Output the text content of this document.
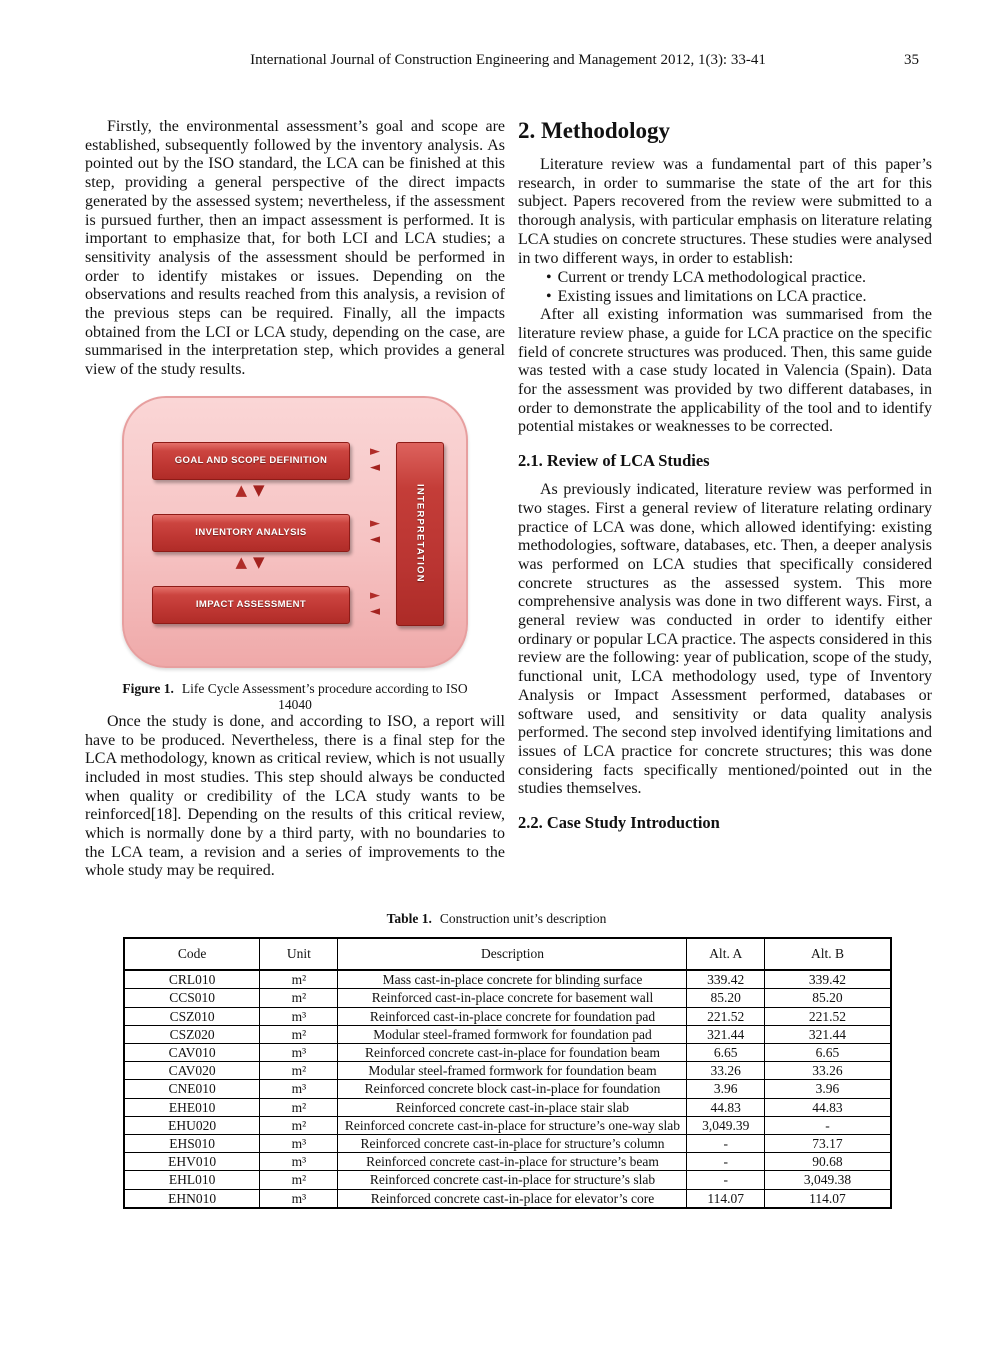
International Journal of Construction Engineering and Management 2012, 1(3): 33-41	35

Firstly, the environmental assessment’s goal and scope are established, subsequently followed by the inventory analysis. As pointed out by the ISO standard, the LCA can be finished at this step, providing a general perspective of the direct impacts generated by the assessed system; nevertheless, if the assessment is pursued further, then an impact assessment is performed. It is important to emphasize that, for both LCI and LCA studies; a sensitivity analysis of the assessment should be performed in order to identify mistakes or issues. Depending on the observations and results reached from this analysis, a revision of the previous steps can be required. Finally, all the impacts obtained from the LCI or LCA study, depending on the case, are summarised in the interpretation step, which provides a general view of the study results.

GOAL AND SCOPE DEFINITION
▲ ▼
INVENTORY ANALYSIS
▲ ▼
IMPACT ASSESSMENT
►
◄
►
◄
►
◄
INTERPRETATION
Figure 1. Life Cycle Assessment’s procedure according to ISO 14040

Once the study is done, and according to ISO, a report will have to be produced. Nevertheless, there is a final step for the LCA methodology, known as critical review, which is not usually included in most studies. This step should always be conducted when quality or credibility of the LCA study wants to be reinforced[18]. Depending on the results of this critical review, which is normally done by a third party, with no boundaries to the LCA team, a revision and a series of improvements to the whole study may be required.

2. Methodology

Literature review was a fundamental part of this paper’s research, in order to summarise the state of the art for this subject. Papers recovered from the review were submitted to a thorough analysis, with particular emphasis on literature relating LCA studies on concrete structures. These studies were analysed in two different ways, in order to establish:

• Current or trendy LCA methodological practice.
• Existing issues and limitations on LCA practice.

After all existing information was summarised from the literature review phase, a guide for LCA practice on the specific field of concrete structures was produced. Then, this same guide was tested with a case study located in Valencia (Spain). Data for the assessment was provided by two different databases, in order to demonstrate the applicability of the tool and to identify potential mistakes or weaknesses to be corrected.

2.1. Review of LCA Studies

As previously indicated, literature review was performed in two stages. First a general review of literature relating ordinary practice of LCA was done, which allowed identifying: existing methodologies, software, databases, etc. Then, a deeper analysis was performed on LCA studies that specifically considered concrete structures as the assessed system. This more comprehensive analysis was done in two different ways. First, a general review was conducted in order to identify either ordinary or popular LCA practice. The aspects considered in this review are the following: year of publication, scope of the study, functional unit, LCA methodology used, type of Inventory Analysis or Impact Assessment performed, databases or software used, and sensitivity or data quality analysis performed. The second step involved identifying limitations and issues of LCA practice for concrete structures; this was done considering facts specifically mentioned/pointed out in the studies themselves.

2.2. Case Study Introduction
Table 1. Construction unit’s description
Code	Unit	Description	Alt. A	Alt. B
CRL010	m²	Mass cast-in-place concrete for blinding surface	339.42	339.42
CCS010	m²	Reinforced cast-in-place concrete for basement wall	85.20	85.20
CSZ010	m³	Reinforced cast-in-place concrete for foundation pad	221.52	221.52
CSZ020	m²	Modular steel-framed formwork for foundation pad	321.44	321.44
CAV010	m³	Reinforced concrete cast-in-place for foundation beam	6.65	6.65
CAV020	m²	Modular steel-framed formwork for foundation beam	33.26	33.26
CNE010	m³	Reinforced concrete block cast-in-place for foundation	3.96	3.96
EHE010	m²	Reinforced concrete cast-in-place stair slab	44.83	44.83
EHU020	m²	Reinforced concrete cast-in-place for structure’s one-way slab	3,049.39	-
EHS010	m³	Reinforced concrete cast-in-place for structure’s column	-	73.17
EHV010	m³	Reinforced concrete cast-in-place for structure’s beam	-	90.68
EHL010	m²	Reinforced concrete cast-in-place for structure’s slab	-	3,049.38
EHN010	m³	Reinforced concrete cast-in-place for elevator’s core	114.07	114.07
